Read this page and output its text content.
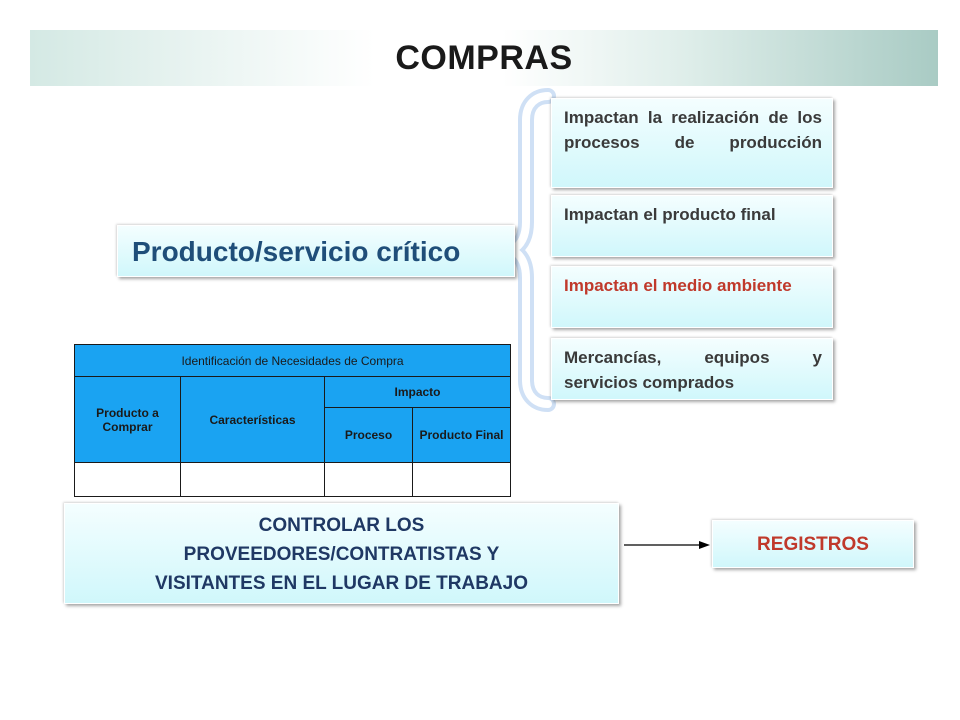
COMPRAS
Producto/servicio crítico
Impactan la realización de los procesos de producción
Impactan el producto final
Impactan el medio ambiente
Mercancías, equipos y servicios comprados
Identificación de Necesidades de Compra			
Producto a Comprar	Características	Impacto	
		Proceso	Producto Final

CONTROLAR LOS
PROVEEDORES/CONTRATISTAS Y
VISITANTES EN EL LUGAR DE TRABAJO
REGISTROS
